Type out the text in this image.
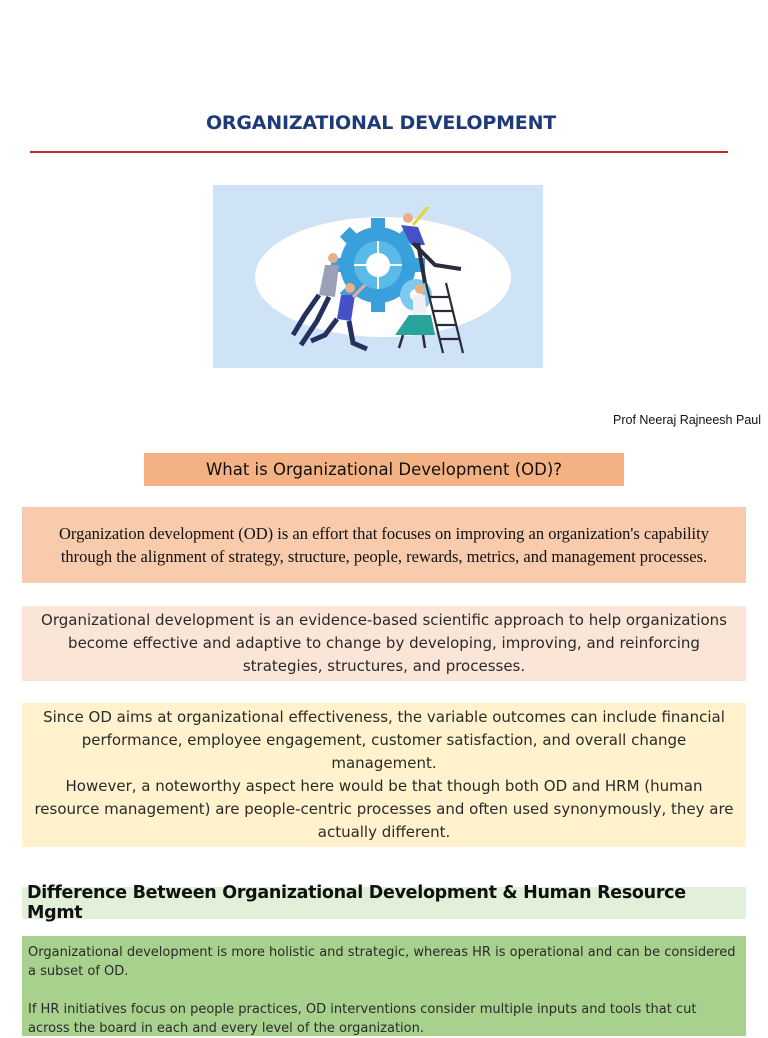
ORGANIZATIONAL DEVELOPMENT
Prof Neeraj Rajneesh Paul
What is Organizational Development (OD)?
Organization development (OD) is an effort that focuses on improving an organization's capability through the alignment of strategy, structure, people, rewards, metrics, and management processes.
Organizational development is an evidence-based scientific approach to help organizations become effective and adaptive to change by developing, improving, and reinforcing strategies, structures, and processes.

Since OD aims at organizational effectiveness, the variable outcomes can include financial performance, employee engagement, customer satisfaction, and overall change management.

However, a noteworthy aspect here would be that though both OD and HRM (human resource management) are people-centric processes and often used synonymously, they are actually different.

Difference Between Organizational Development & Human Resource Mgmt

Organizational development is more holistic and strategic, whereas HR is operational and can be considered a subset of OD.

If HR initiatives focus on people practices, OD interventions consider multiple inputs and tools that cut across the board in each and every level of the organization.
